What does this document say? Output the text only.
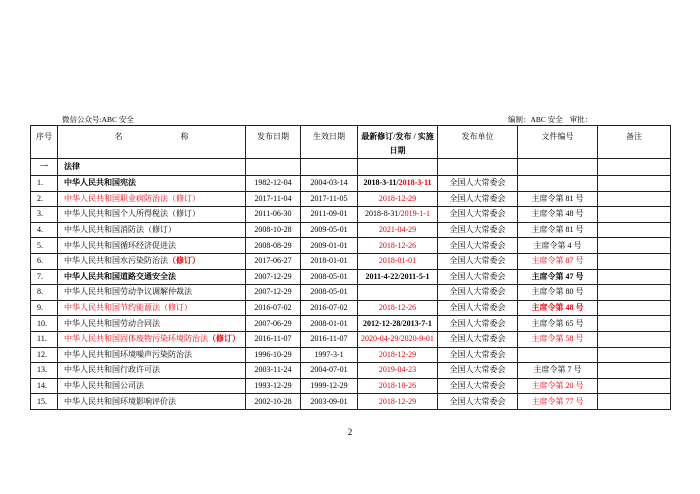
微信公众号:ABC 安全	编制：ABC 安全 审批：
序号	名 称	发布日期	生效日期	最新修订/发布 / 实施
日期	发布单位	文件编号	备注
一	法律						
1.	中华人民共和国宪法	1982-12-04	2004-03-14	2018-3-11/2018-3-11	全国人大常委会		
2.	中华人民共和国职业病防治法（修订）	2017-11-04	2017-11-05	2018-12-29	全国人大常委会	主席令第 81 号	
3.	中华人民共和国个人所得税法（修订）	2011-06-30	2011-09-01	2018-8-31/2019-1-1	全国人大常委会	主席令第 48 号	
4.	中华人民共和国消防法（修订）	2008-10-28	2009-05-01	2021-04-29	全国人大常委会	主席令第 81 号	
5.	中华人民共和国循环经济促进法	2008-08-29	2009-01-01	2018-12-26	全国人大常委会	主席令第 4 号	
6.	中华人民共和国水污染防治法（修订）	2017-06-27	2018-01-01	2018-01-01	全国人大常委会	主席令第 87 号	
7.	中华人民共和国道路交通安全法	2007-12-29	2008-05-01	2011-4-22/2011-5-1	全国人大常委会	主席令第 47 号	
8.	中华人民共和国劳动争议调解仲裁法	2007-12-29	2008-05-01		全国人大常委会	主席令第 80 号	
9.	中华人民共和国节约能源法（修订）	2016-07-02	2016-07-02	2018-12-26	全国人大常委会	主席令第 48 号	
10.	中华人民共和国劳动合同法	2007-06-29	2008-01-01	2012-12-28/2013-7-1	全国人大常委会	主席令第 65 号	
11.	中华人民共和国固体废物污染环境防治法（修订）	2016-11-07	2016-11-07	2020-04-29/2020-9-01	全国人大常委会	主席令第 58 号	
12.	中华人民共和国环境噪声污染防治法	1996-10-29	1997-3-1	2018-12-29	全国人大常委会		
13.	中华人民共和国行政许可法	2003-11-24	2004-07-01	2019-04-23	全国人大常委会	主席令第 7 号	
14.	中华人民共和国公司法	1993-12-29	1999-12-29	2018-10-26	全国人大常委会	主席令第 20 号	
15.	中华人民共和国环境影响评价法	2002-10-28	2003-09-01	2018-12-29	全国人大常委会	主席令第 77 号	
2
